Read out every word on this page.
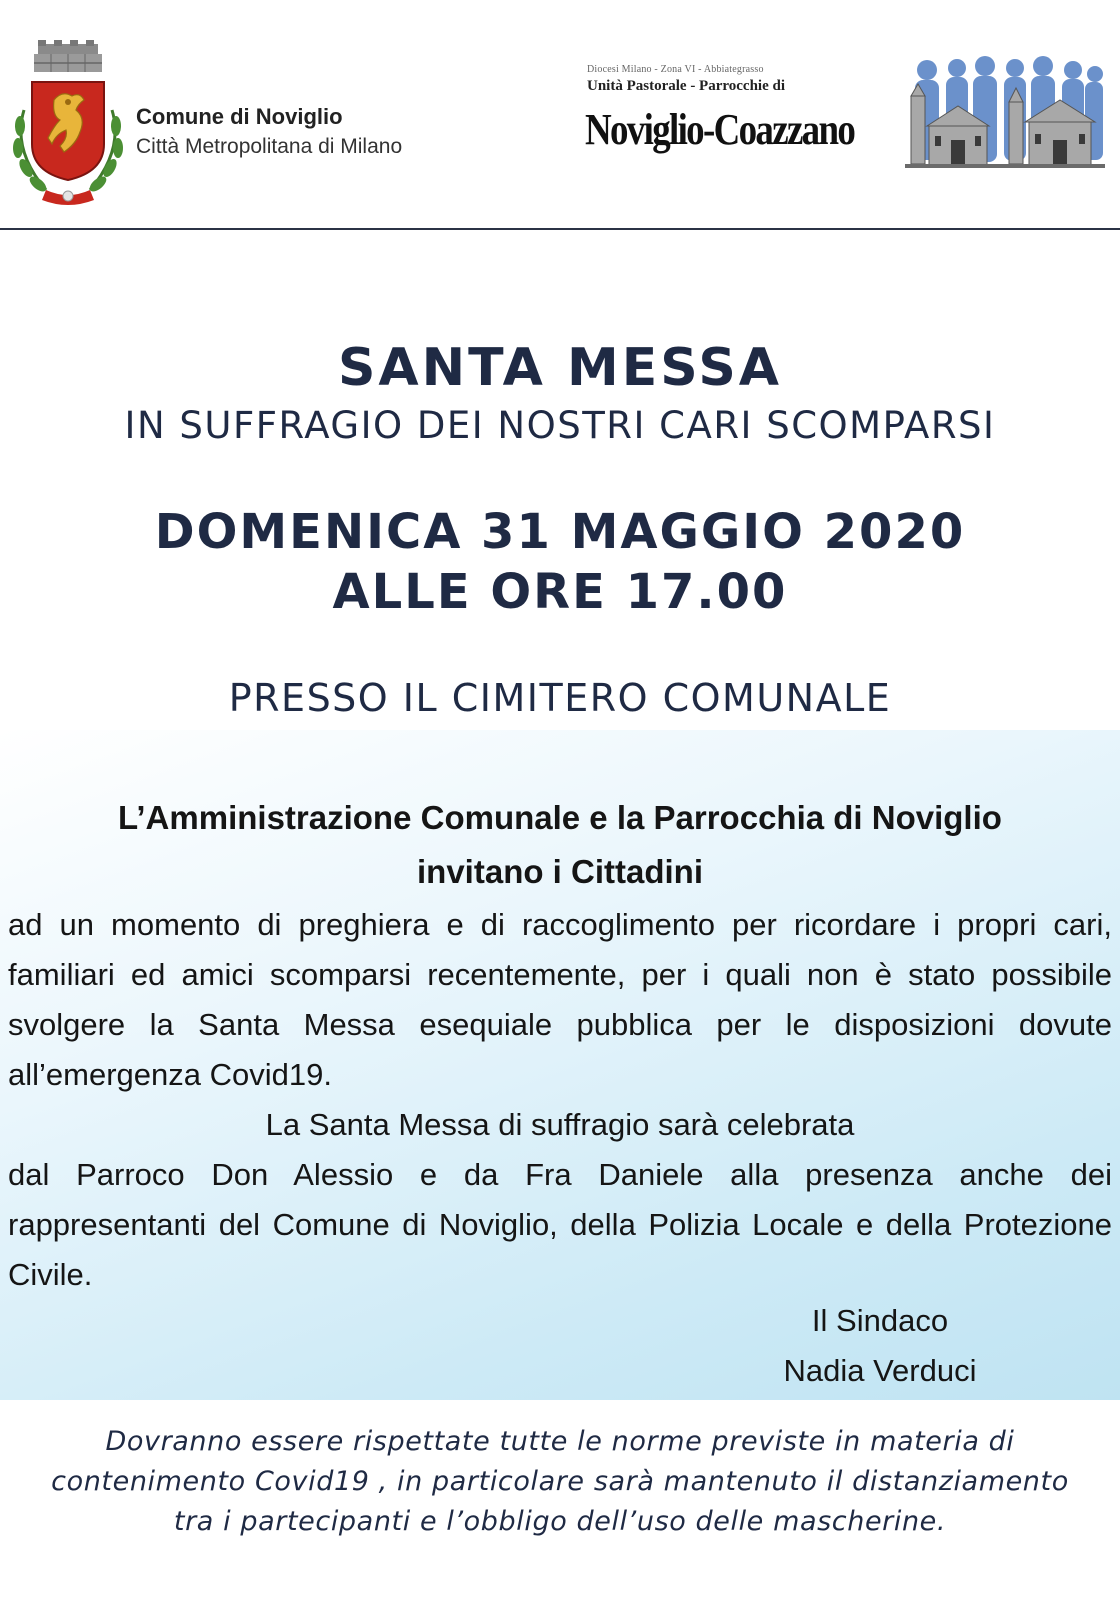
Comune di Noviglio
Città Metropolitana di Milano
Diocesi Milano - Zona VI - Abbiategrasso
Unità Pastorale - Parrocchie di
Noviglio-Coazzano
SANTA MESSA
IN SUFFRAGIO DEI NOSTRI CARI SCOMPARSI
DOMENICA 31 MAGGIO 2020
ALLE ORE 17.00
PRESSO IL CIMITERO COMUNALE
L’Amministrazione Comunale e la Parrocchia di Noviglio
invitano i Cittadini

ad un momento di preghiera e di raccoglimento per ricordare i propri cari, familiari ed amici scomparsi recentemente, per i quali non è stato possibile svolgere la Santa Messa esequiale pubblica per le disposizioni dovute all’emergenza Covid19.

La Santa Messa di suffragio sarà celebrata

dal Parroco Don Alessio e da Fra Daniele alla presenza anche dei rappresentanti del Comune di Noviglio, della Polizia Locale e della Protezione Civile.

Il Sindaco
Nadia Verduci
Dovranno essere rispettate tutte le norme previste in materia di
contenimento Covid19 , in particolare sarà mantenuto il distanziamento
tra i partecipanti e l’obbligo dell’uso delle mascherine.
